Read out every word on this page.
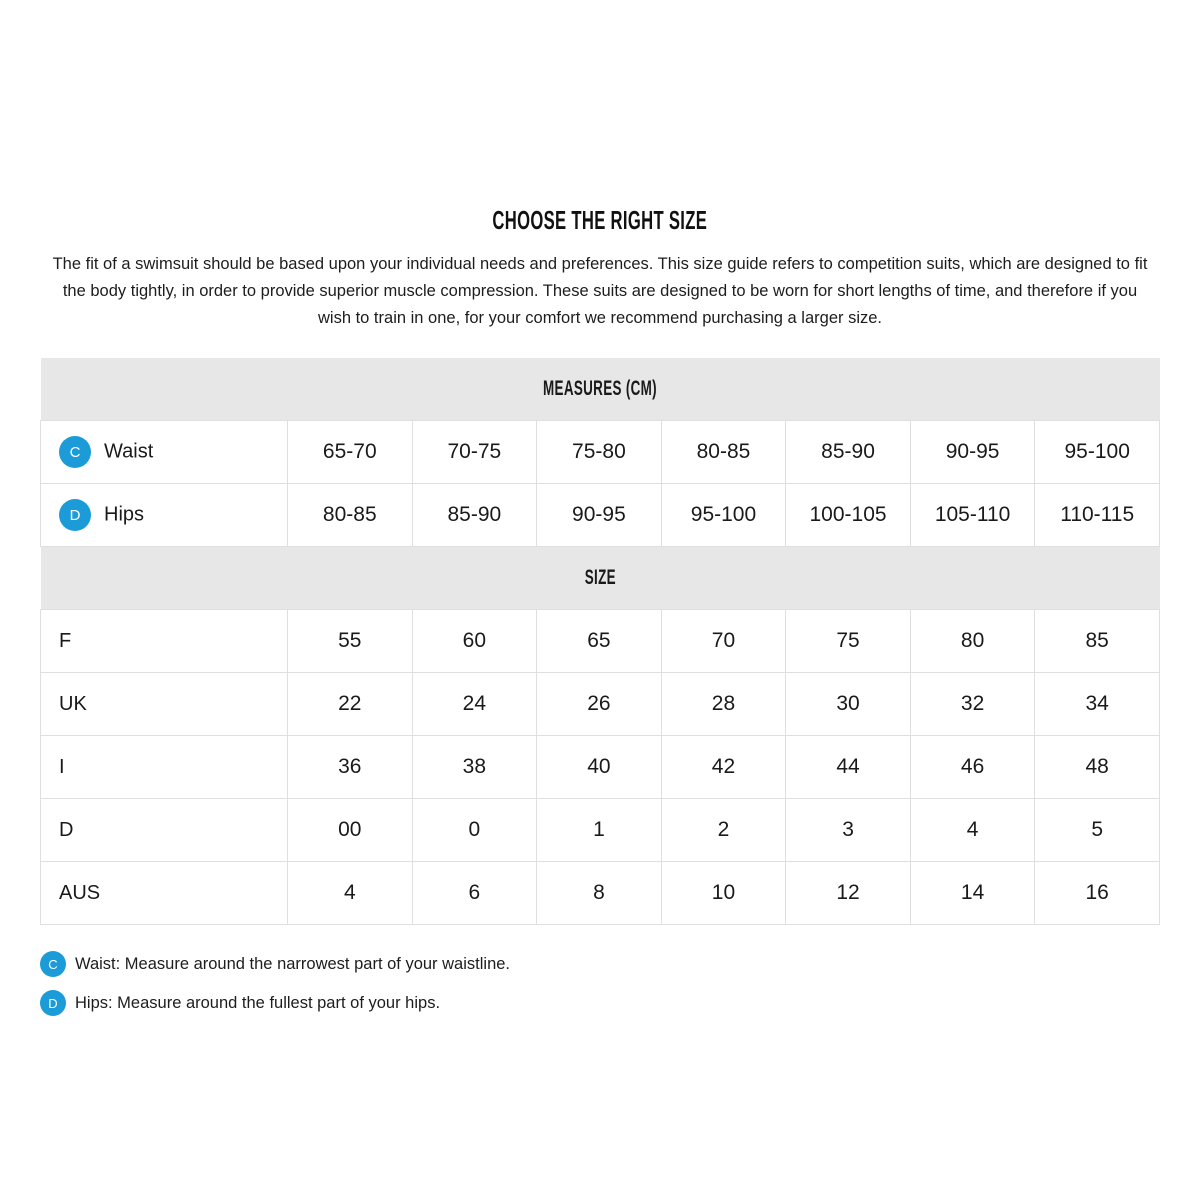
CHOOSE THE RIGHT SIZE

The fit of a swimsuit should be based upon your individual needs and preferences. This size guide refers to competition suits, which are designed to fit the body tightly, in order to provide superior muscle compression. These suits are designed to be worn for short lengths of time, and therefore if you wish to train in one, for your comfort we recommend purchasing a larger size.

MEASURES (CM)							
C Waist	65-70	70-75	75-80	80-85	85-90	90-95	95-100
D Hips	80-85	85-90	90-95	95-100	100-105	105-110	110-115
SIZE							
F	55	60	65	70	75	80	85
UK	22	24	26	28	30	32	34
I	36	38	40	42	44	46	48
D	00	0	1	2	3	4	5
AUS	4	6	8	10	12	14	16
C	Waist: Measure around the narrowest part of your waistline.
D	Hips: Measure around the fullest part of your hips.
